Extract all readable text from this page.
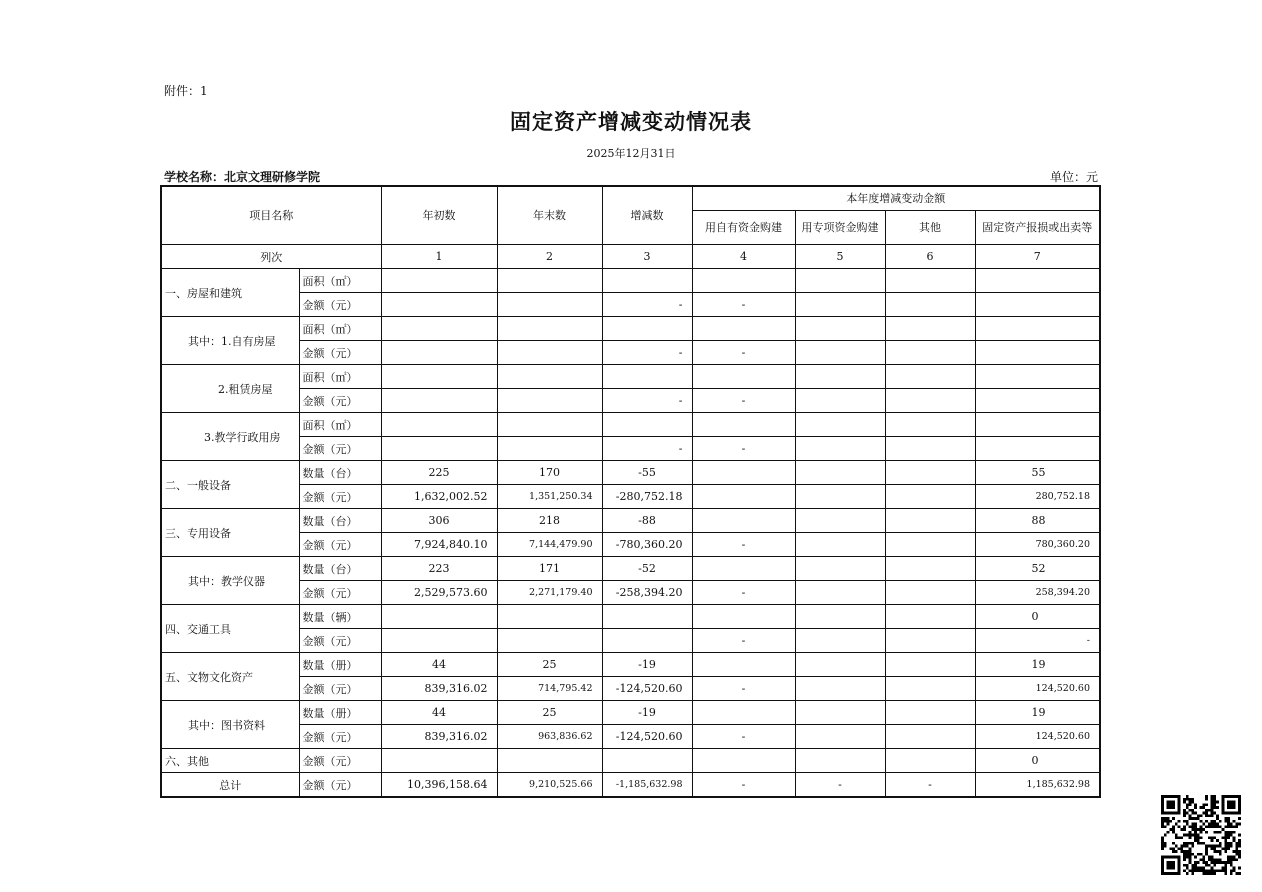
附件：1
固定资产增减变动情况表
2025年12月31日
学校名称：北京文理研修学院	单位：元
项目名称		年初数	年末数	增减数	本年度增减变动金额			
					用自有资金购建	用专项资金购建	其他	固定资产报损或出卖等
列次		1	2	3	4	5	6	7
一、房屋和建筑	面积（㎡）							
	金额（元）			-	-			
其中：1.自有房屋	面积（㎡）							
	金额（元）			-	-			
2.租赁房屋	面积（㎡）							
	金额（元）			-	-			
3.教学行政用房	面积（㎡）							
	金额（元）			-	-			
二、一般设备	数量（台）	225	170	-55				55
	金额（元）	1,632,002.52	1,351,250.34	-280,752.18				280,752.18
三、专用设备	数量（台）	306	218	-88				88
	金额（元）	7,924,840.10	7,144,479.90	-780,360.20	-			780,360.20
其中：教学仪器	数量（台）	223	171	-52				52
	金额（元）	2,529,573.60	2,271,179.40	-258,394.20	-			258,394.20
四、交通工具	数量（辆）							0
	金额（元）				-			-
五、文物文化资产	数量（册）	44	25	-19				19
	金额（元）	839,316.02	714,795.42	-124,520.60	-			124,520.60
其中：图书资料	数量（册）	44	25	-19				19
	金额（元）	839,316.02	963,836.62	-124,520.60	-			124,520.60
六、其他	金额（元）							0
总计	金额（元）	10,396,158.64	9,210,525.66	-1,185,632.98	-	-	-	1,185,632.98
